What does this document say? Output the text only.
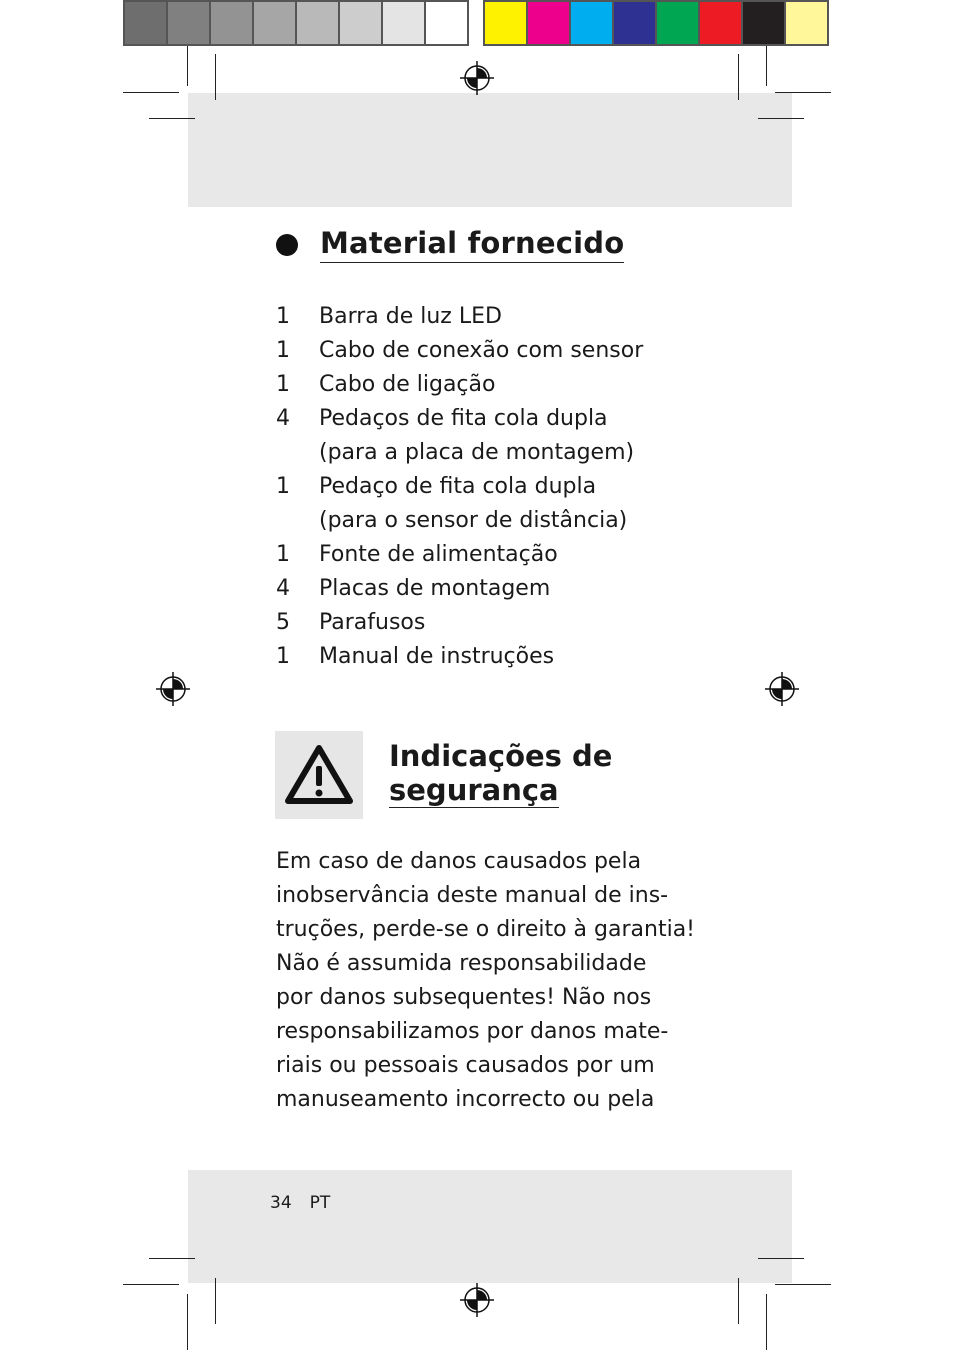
Material fornecido
1	Barra de luz LED
1	Cabo de conexão com sensor
1	Cabo de ligação
4	Pedaços de fita cola dupla
(para a placa de montagem)
1	Pedaço de fita cola dupla
(para o sensor de distância)
1	Fonte de alimentação
4	Placas de montagem
5	Parafusos
1	Manual de instruções
Indicações de
segurança
Em caso de danos causados pela
inobservância deste manual de ins-
truções, perde-se o direito à garantia!
Não é assumida responsabilidade
por danos subsequentes! Não nos
responsabilizamos por danos mate-
riais ou pessoais causados por um
manuseamento incorrecto ou pela
34 PT
